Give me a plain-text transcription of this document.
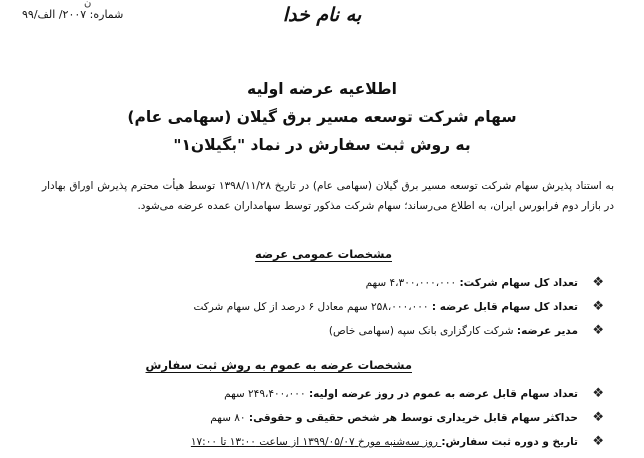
ن
شماره: ۲۰۰۷/ الف/۹۹	به نام خدا
اطلاعیه عرضه اولیه
سهام شرکت توسعه مسیر برق گیلان (سهامی عام)
به روش ثبت سفارش در نماد "بگیلان۱"
به استناد پذیرش سهام شرکت توسعه مسیر برق گیلان (سهامی عام) در تاریخ ۱۳۹۸/۱۱/۲۸ توسط هیأت محترم پذیرش اوراق بهادار در بازار دوم فرابورس ایران، به اطلاع می‌رساند؛ سهام شرکت مذکور توسط سهامداران عمده عرضه می‌شود.
مشخصات عمومی عرضه
❖
تعداد کل سهام شرکت: ۴،۳۰۰،۰۰۰،۰۰۰ سهم
❖
تعداد کل سهام قابل عرضه : ۲۵۸،۰۰۰،۰۰۰ سهم معادل ۶ درصد از کل سهام شرکت
❖
مدیر عرضه: شرکت کارگزاری بانک سپه (سهامی خاص)
مشخصات عرضه به عموم به روش ثبت سفارش
❖
تعداد سهام قابل عرضه به عموم در روز عرضه اولیه: ۲۴۹،۴۰۰،۰۰۰ سهم
❖
حداکثر سهام قابل خریداری توسط هر شخص حقیقی و حقوقی: ۸۰ سهم
❖
تاریخ و دوره ثبت سفارش: روز سه‌شنبه مورخ ۱۳۹۹/۰۵/۰۷ از ساعت ۱۳:۰۰ تا ۱۷:۰۰
